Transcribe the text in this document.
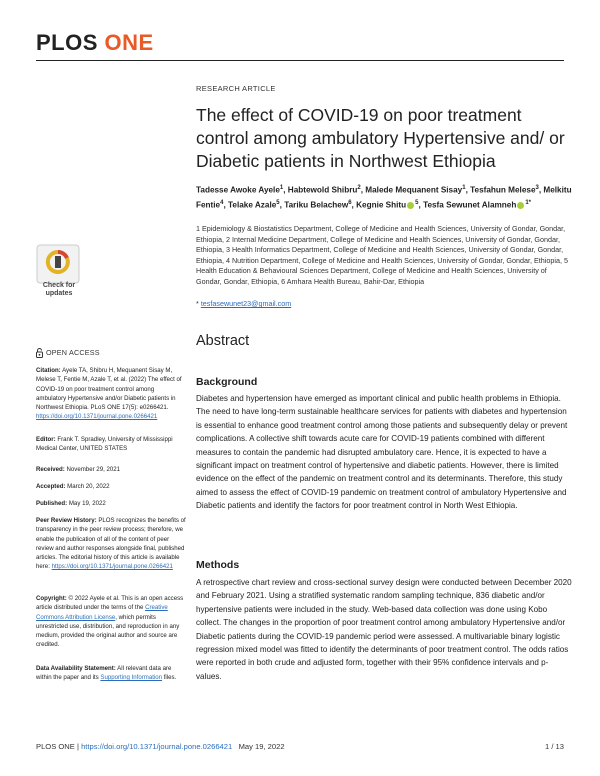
PLOS ONE
RESEARCH ARTICLE
The effect of COVID-19 on poor treatment control among ambulatory Hypertensive and/ or Diabetic patients in Northwest Ethiopia
Tadesse Awoke Ayele$^1$, Habtewold Shibru$^2$, Malede Mequanent Sisay$^1$, Tesfahun Melese$^3$, Melkitu Fentie$^4$, Telake Azale$^5$, Tariku Belachew$^6$, Kegnie Shitu $^5$, Tesfa Sewunet Alamneh $^{1*}$
1 Epidemiology & Biostatistics Department, College of Medicine and Health Sciences, University of Gondar, Gondar, Ethiopia, 2 Internal Medicine Department, College of Medicine and Health Sciences, University of Gondar, Gondar, Ethiopia, 3 Health Informatics Department, College of Medicine and Health Sciences, University of Gondar, Gondar, Ethiopia, 4 Nutrition Department, College of Medicine and Health Sciences, University of Gondar, Gondar, Ethiopia, 5 Health Education & Behavioural Sciences Department, College of Medicine and Health Sciences, University of Gondar, Gondar, Ethiopia, 6 Amhara Health Bureau, Bahir-Dar, Ethiopia
* tesfasewunet23@gmail.com
Check for
updates
OPEN ACCESS
Citation: Ayele TA, Shibru H, Mequanent Sisay M, Melese T, Fentie M, Azale T, et al. (2022) The effect of COVID-19 on poor treatment control among ambulatory Hypertensive and/or Diabetic patients in Northwest Ethiopia. PLoS ONE 17(5): e0266421. https://doi.org/10.1371/journal.pone.0266421
Editor: Frank T. Spradley, University of Mississippi Medical Center, UNITED STATES
Received: November 29, 2021
Accepted: March 20, 2022
Published: May 19, 2022
Peer Review History: PLOS recognizes the benefits of transparency in the peer review process; therefore, we enable the publication of all of the content of peer review and author responses alongside final, published articles. The editorial history of this article is available here: https://doi.org/10.1371/journal.pone.0266421
Copyright: © 2022 Ayele et al. This is an open access article distributed under the terms of the Creative Commons Attribution License, which permits unrestricted use, distribution, and reproduction in any medium, provided the original author and source are credited.
Data Availability Statement: All relevant data are within the paper and its Supporting Information files.
Abstract
Background
Diabetes and hypertension have emerged as important clinical and public health problems in Ethiopia. The need to have long-term sustainable healthcare services for patients with diabetes and hypertension is essential to enhance good treatment control among those patients and subsequently delay or prevent complications. A collective shift towards acute care for COVID-19 patients combined with different measures to contain the pandemic had disrupted ambulatory care. Hence, it is expected to have a significant impact on treatment control of hypertensive and diabetic patients. However, there is limited evidence on the effect of the pandemic on treatment control and its determinants. Therefore, this study aimed to assess the effect of COVID-19 pandemic on treatment control of ambulatory Hypertensive and Diabetic patients and identify the factors for poor treatment control in North West Ethiopia.
Methods
A retrospective chart review and cross-sectional survey design were conducted between December 2020 and February 2021. Using a stratified systematic random sampling technique, 836 diabetic and/or hypertensive patients were included in the study. Web-based data collection was done using Kobo collect. The changes in the proportion of poor treatment control among ambulatory Hypertensive and/or Diabetic patients during the COVID-19 pandemic period were assessed. A multivariable binary logistic regression mixed model was fitted to identify the determinants of poor treatment control. The odds ratios were reported in both crude and adjusted form, together with their 95% confidence intervals and p-values.
PLOS ONE | https://doi.org/10.1371/journal.pone.0266421 May 19, 2022	1 / 13
